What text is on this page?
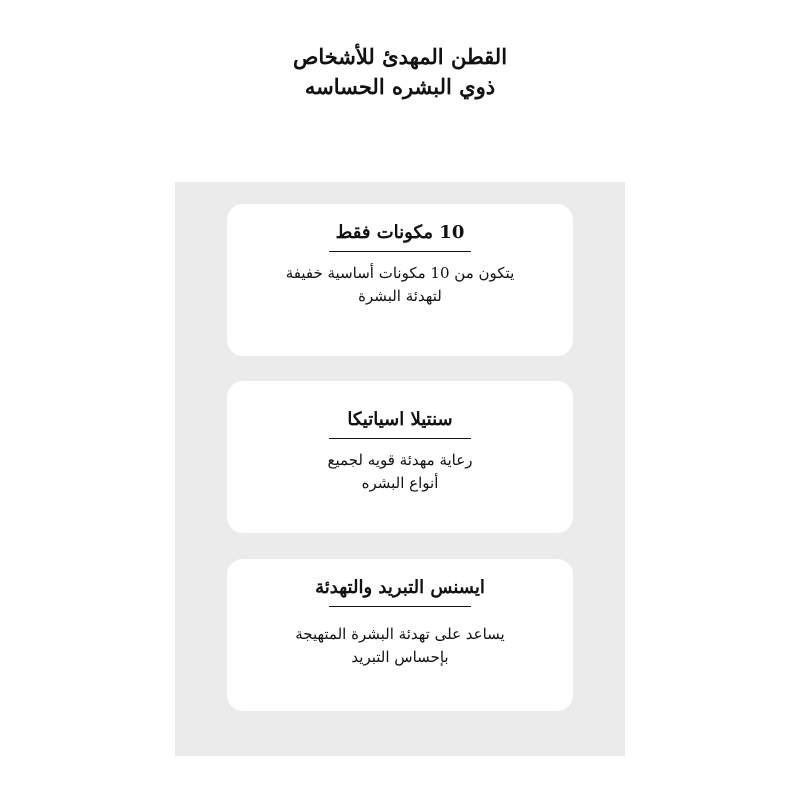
القطن المهدئ للأشخاص
ذوي البشره الحساسه
10 مكونات فقط
يتكون من 10 مكونات أساسية خفيفة
لتهدئة البشرة
سنتيلا اسياتيكا
رعاية مهدئة قويه لجميع
أنواع البشره
ايسنس التبريد والتهدئة
يساعد على تهدئة البشرة المتهيجة
بإحساس التبريد
